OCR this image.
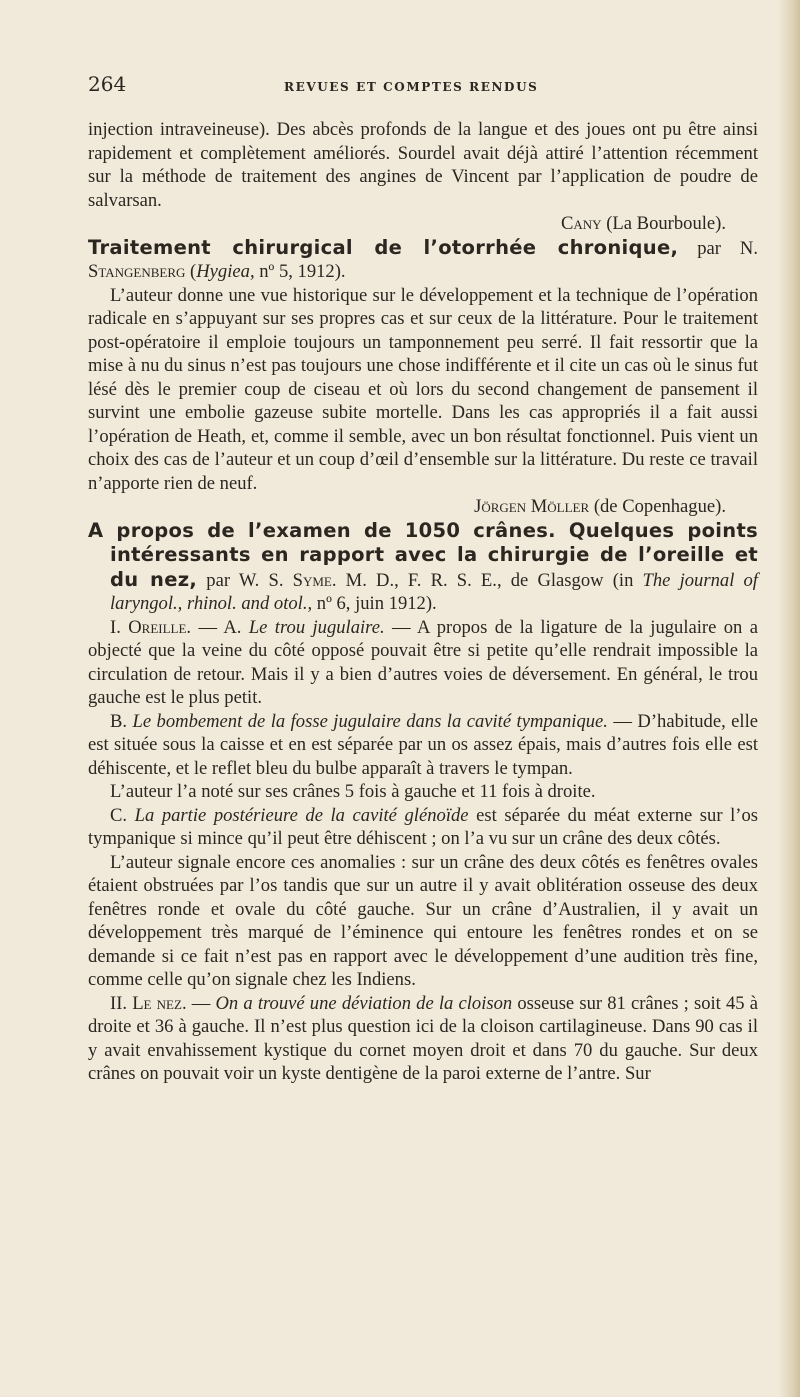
264	REVUES ET COMPTES RENDUS

injection intraveineuse). Des abcès profonds de la langue et des joues ont pu être ainsi rapidement et complètement améliorés. Sourdel avait déjà attiré l’attention récemment sur la méthode de traitement des angines de Vincent par l’application de poudre de salvarsan.

Cany (La Bourboule).

Traitement chirurgical de l’otorrhée chronique, par N. Stangenberg (Hygiea, nº 5, 1912).

L’auteur donne une vue historique sur le développement et la technique de l’opération radicale en s’appuyant sur ses propres cas et sur ceux de la littérature. Pour le traitement post-opératoire il emploie toujours un tamponnement peu serré. Il fait ressortir que la mise à nu du sinus n’est pas toujours une chose indifférente et il cite un cas où le sinus fut lésé dès le premier coup de ciseau et où lors du second changement de pansement il survint une embolie gazeuse subite mortelle. Dans les cas appropriés il a fait aussi l’opération de Heath, et, comme il semble, avec un bon résultat fonctionnel. Puis vient un choix des cas de l’auteur et un coup d’œil d’ensemble sur la littérature. Du reste ce travail n’apporte rien de neuf.

Jörgen Möller (de Copenhague).

A propos de l’examen de 1050 crânes. Quelques points intéressants en rapport avec la chirurgie de l’oreille et du nez, par W. S. Syme. M. D., F. R. S. E., de Glasgow (in The journal of laryngol., rhinol. and otol., nº 6, juin 1912).

I. Oreille. — A. Le trou jugulaire. — A propos de la ligature de la jugulaire on a objecté que la veine du côté opposé pouvait être si petite qu’elle rendrait impossible la circulation de retour. Mais il y a bien d’autres voies de déversement. En général, le trou gauche est le plus petit.

B. Le bombement de la fosse jugulaire dans la cavité tympanique. — D’habitude, elle est située sous la caisse et en est séparée par un os assez épais, mais d’autres fois elle est déhiscente, et le reflet bleu du bulbe apparaît à travers le tympan.

L’auteur l’a noté sur ses crânes 5 fois à gauche et 11 fois à droite.

C. La partie postérieure de la cavité glénoïde est séparée du méat externe sur l’os tympanique si mince qu’il peut être déhiscent ; on l’a vu sur un crâne des deux côtés.

L’auteur signale encore ces anomalies : sur un crâne des deux côtés es fenêtres ovales étaient obstruées par l’os tandis que sur un autre il y avait oblitération osseuse des deux fenêtres ronde et ovale du côté gauche. Sur un crâne d’Australien, il y avait un développement très marqué de l’éminence qui entoure les fenêtres rondes et on se demande si ce fait n’est pas en rapport avec le développement d’une audition très fine, comme celle qu’on signale chez les Indiens.

II. Le nez. — On a trouvé une déviation de la cloison osseuse sur 81 crânes ; soit 45 à droite et 36 à gauche. Il n’est plus question ici de la cloison cartilagineuse. Dans 90 cas il y avait envahissement kystique du cornet moyen droit et dans 70 du gauche. Sur deux crânes on pouvait voir un kyste dentigène de la paroi externe de l’antre. Sur
